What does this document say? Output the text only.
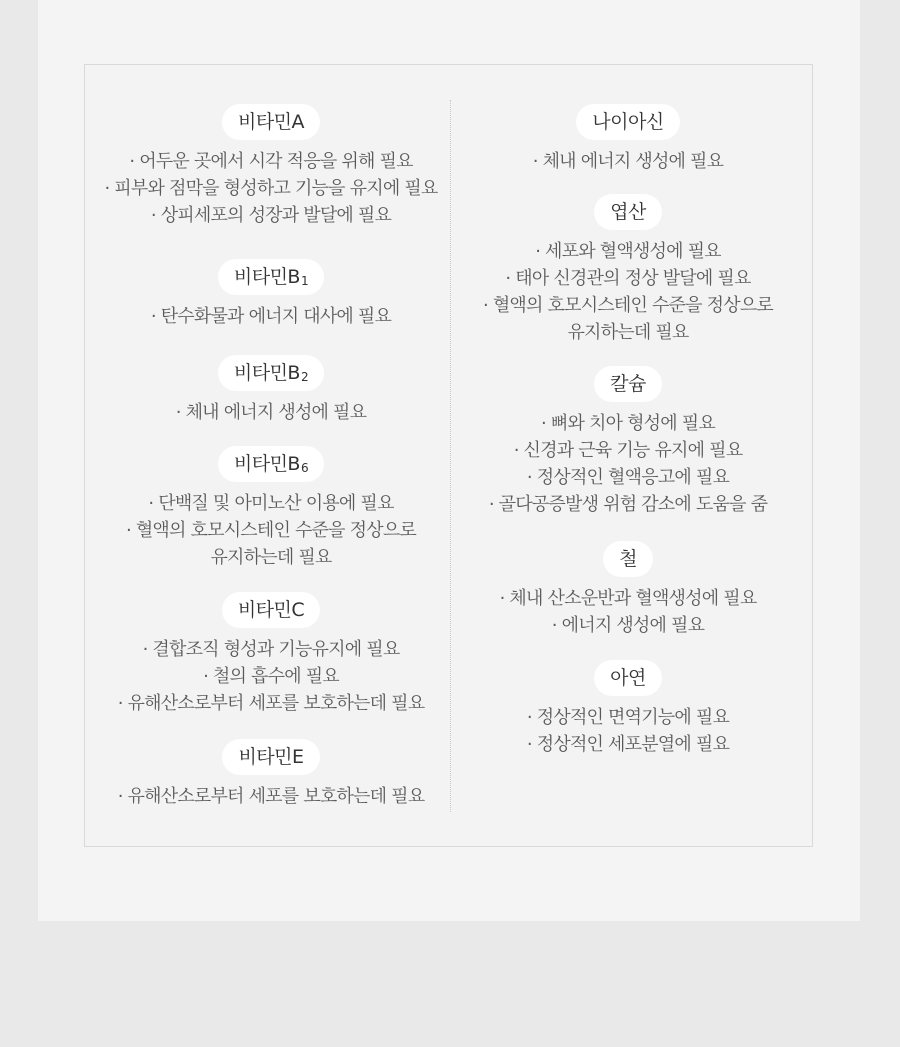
비타민A
· 어두운 곳에서 시각 적응을 위해 필요
· 피부와 점막을 형성하고 기능을 유지에 필요
· 상피세포의 성장과 발달에 필요
비타민$B_1$
· 탄수화물과 에너지 대사에 필요
비타민$B_2$
· 체내 에너지 생성에 필요
비타민$B_6$
· 단백질 및 아미노산 이용에 필요
· 혈액의 호모시스테인 수준을 정상으로
유지하는데 필요
비타민C
· 결합조직 형성과 기능유지에 필요
· 철의 흡수에 필요
· 유해산소로부터 세포를 보호하는데 필요
비타민E
· 유해산소로부터 세포를 보호하는데 필요
나이아신
· 체내 에너지 생성에 필요
엽산
· 세포와 혈액생성에 필요
· 태아 신경관의 정상 발달에 필요
· 혈액의 호모시스테인 수준을 정상으로
유지하는데 필요
칼슘
· 뼈와 치아 형성에 필요
· 신경과 근육 기능 유지에 필요
· 정상적인 혈액응고에 필요
· 골다공증발생 위험 감소에 도움을 줌
철
· 체내 산소운반과 혈액생성에 필요
· 에너지 생성에 필요
아연
· 정상적인 면역기능에 필요
· 정상적인 세포분열에 필요
